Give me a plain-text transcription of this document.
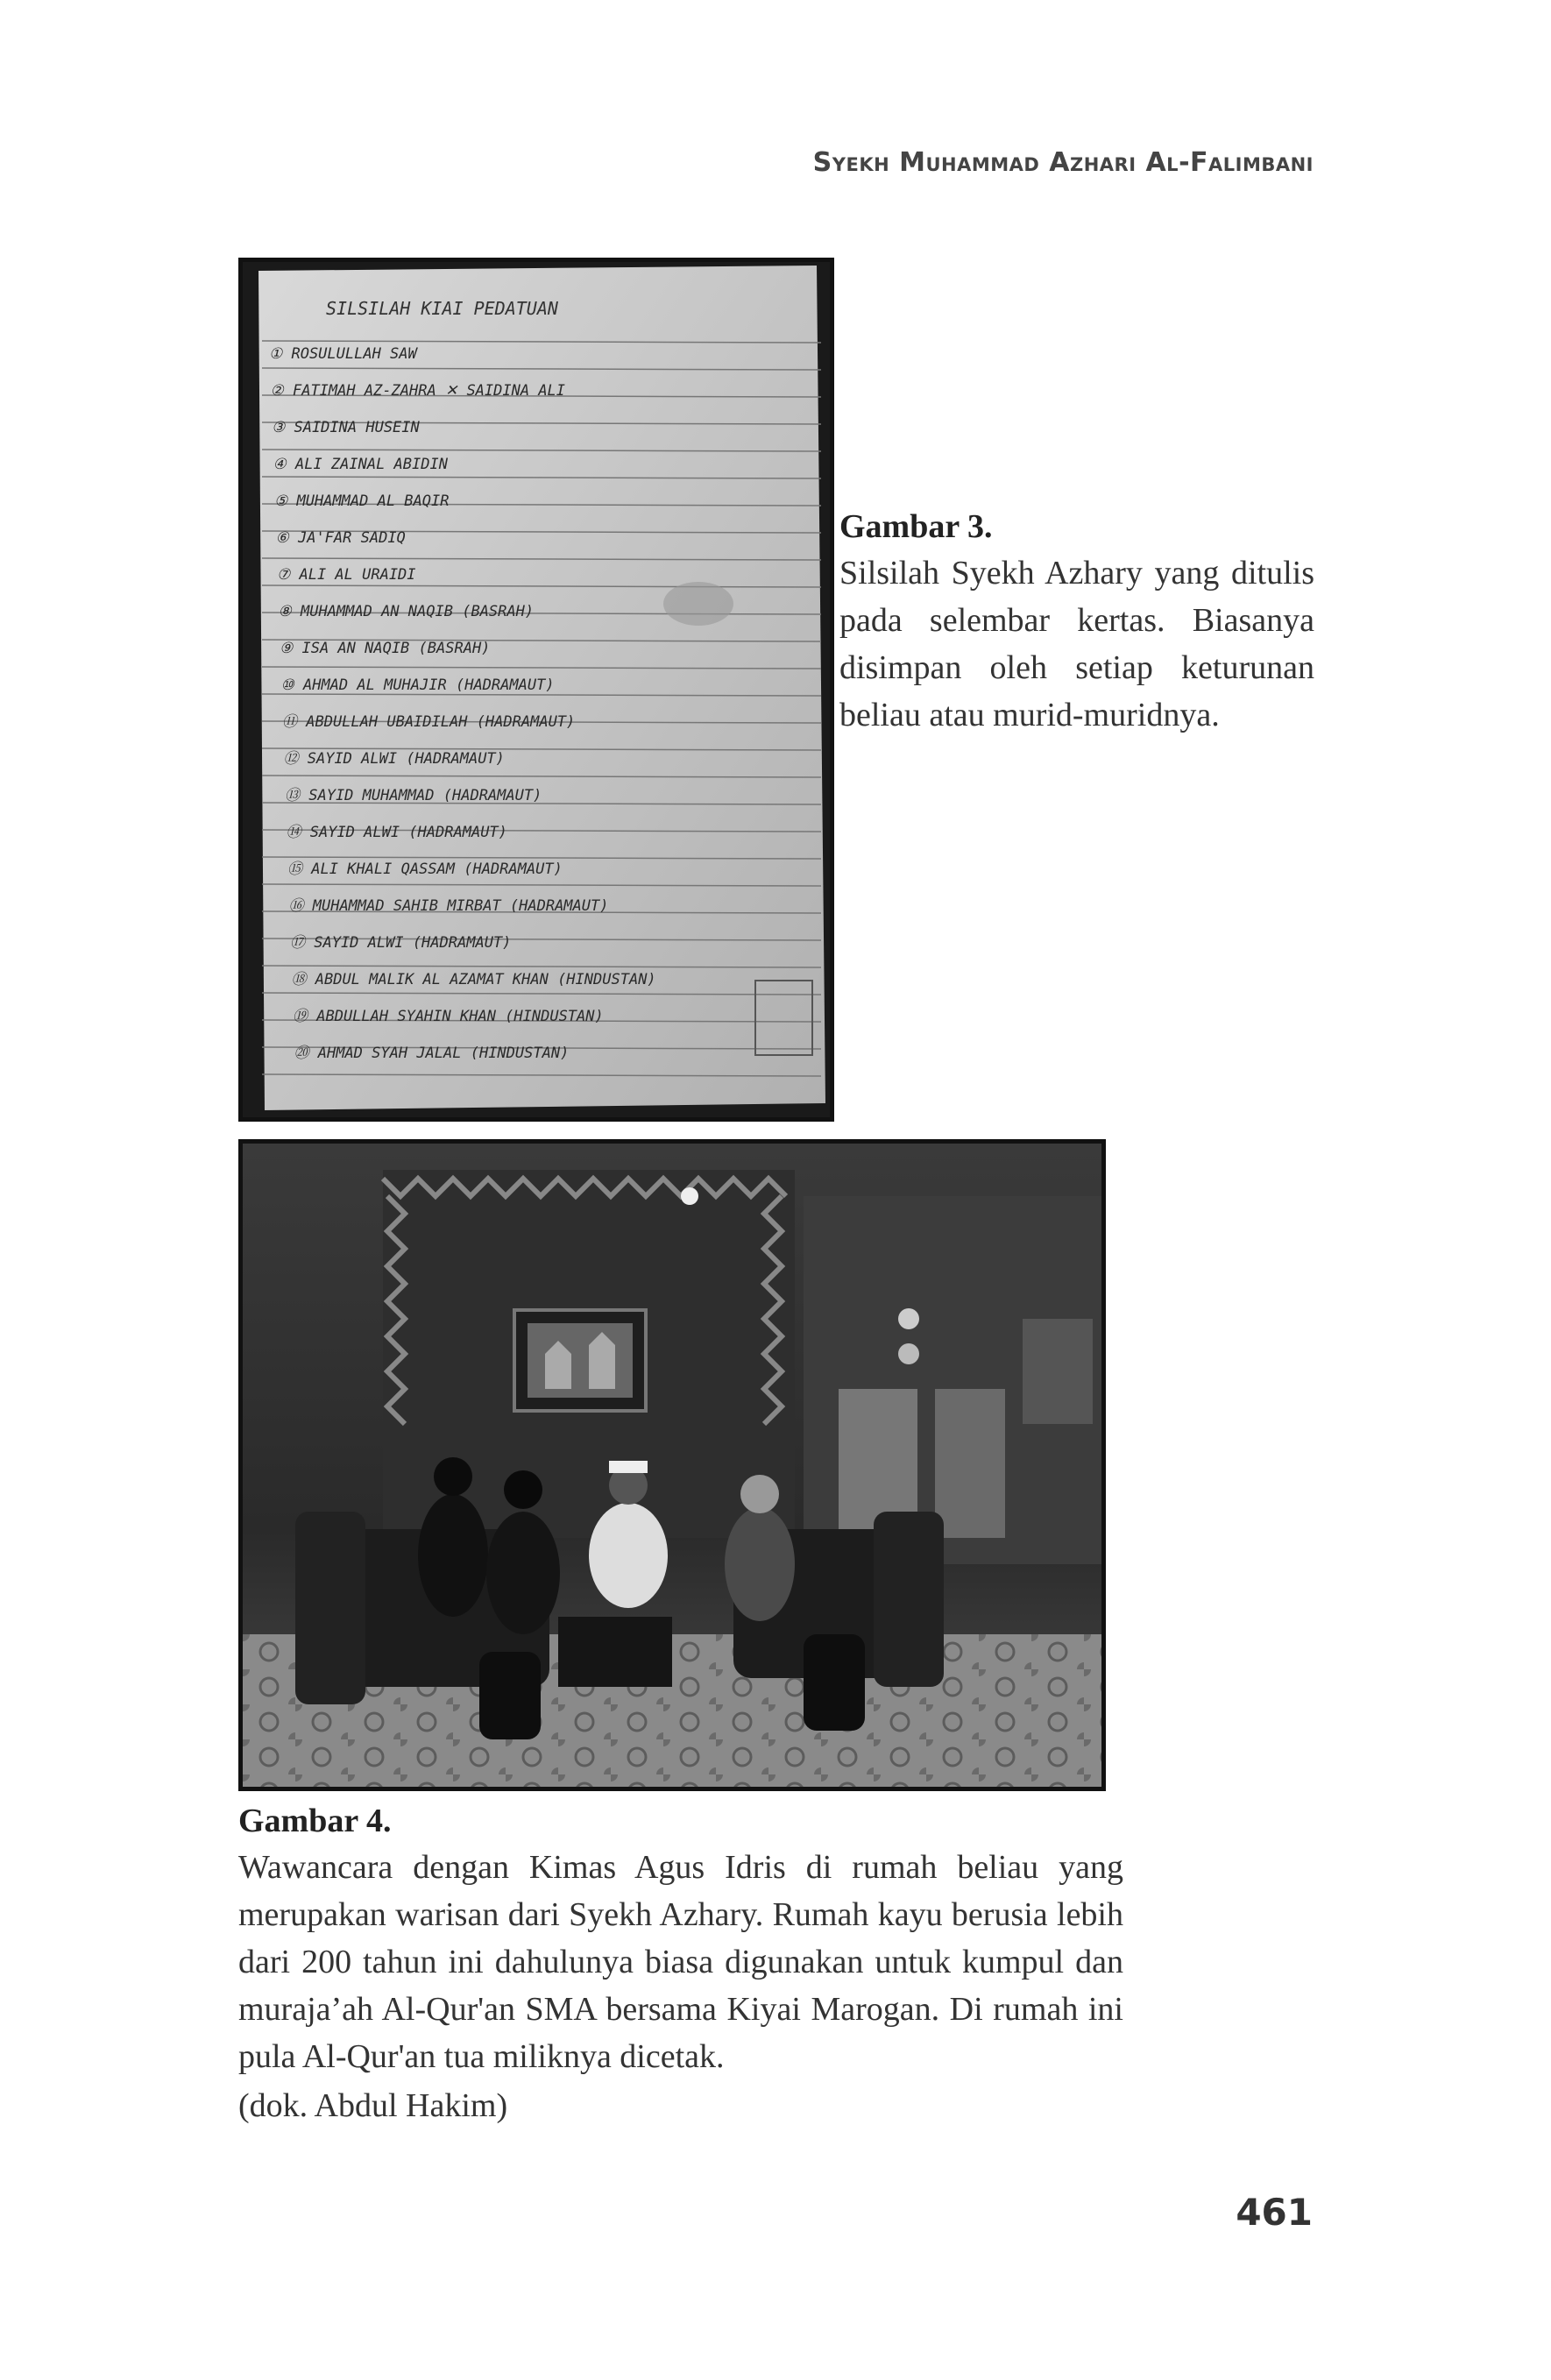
Syekh Muhammad Azhari Al-Falimbani
SILSILAH KIAI PEDATUAN
① ROSULULLAH SAW
② FATIMAH AZ-ZAHRA ✕ SAIDINA ALI
③ SAIDINA HUSEIN
④ ALI ZAINAL ABIDIN
⑤ MUHAMMAD AL BAQIR
⑥ JA'FAR SADIQ
⑦ ALI AL URAIDI
⑧ MUHAMMAD AN NAQIB (BASRAH)
⑨ ISA AN NAQIB (BASRAH)
⑩ AHMAD AL MUHAJIR (HADRAMAUT)
⑪ ABDULLAH UBAIDILAH (HADRAMAUT)
⑫ SAYID ALWI (HADRAMAUT)
⑬ SAYID MUHAMMAD (HADRAMAUT)
⑭ SAYID ALWI (HADRAMAUT)
⑮ ALI KHALI QASSAM (HADRAMAUT)
⑯ MUHAMMAD SAHIB MIRBAT (HADRAMAUT)
⑰ SAYID ALWI (HADRAMAUT)
⑱ ABDUL MALIK AL AZAMAT KHAN (HINDUSTAN)
⑲ ABDULLAH SYAHIN KHAN (HINDUSTAN)
⑳ AHMAD SYAH JALAL (HINDUSTAN)
Gambar 3.
Silsilah Syekh Azhary yang ditulis pada selembar kertas. Biasanya disimpan oleh setiap keturunan beliau atau murid-muridnya.
Gambar 4.
Wawancara dengan Kimas Agus Idris di rumah beliau yang merupakan warisan dari Syekh Azhary. Rumah kayu berusia lebih dari 200 tahun ini dahulunya biasa digunakan untuk kumpul dan muraja’ah Al-Qur'an SMA bersama Kiyai Marogan. Di rumah ini pula Al-Qur'an tua miliknya dicetak.
(dok. Abdul Hakim)
461
